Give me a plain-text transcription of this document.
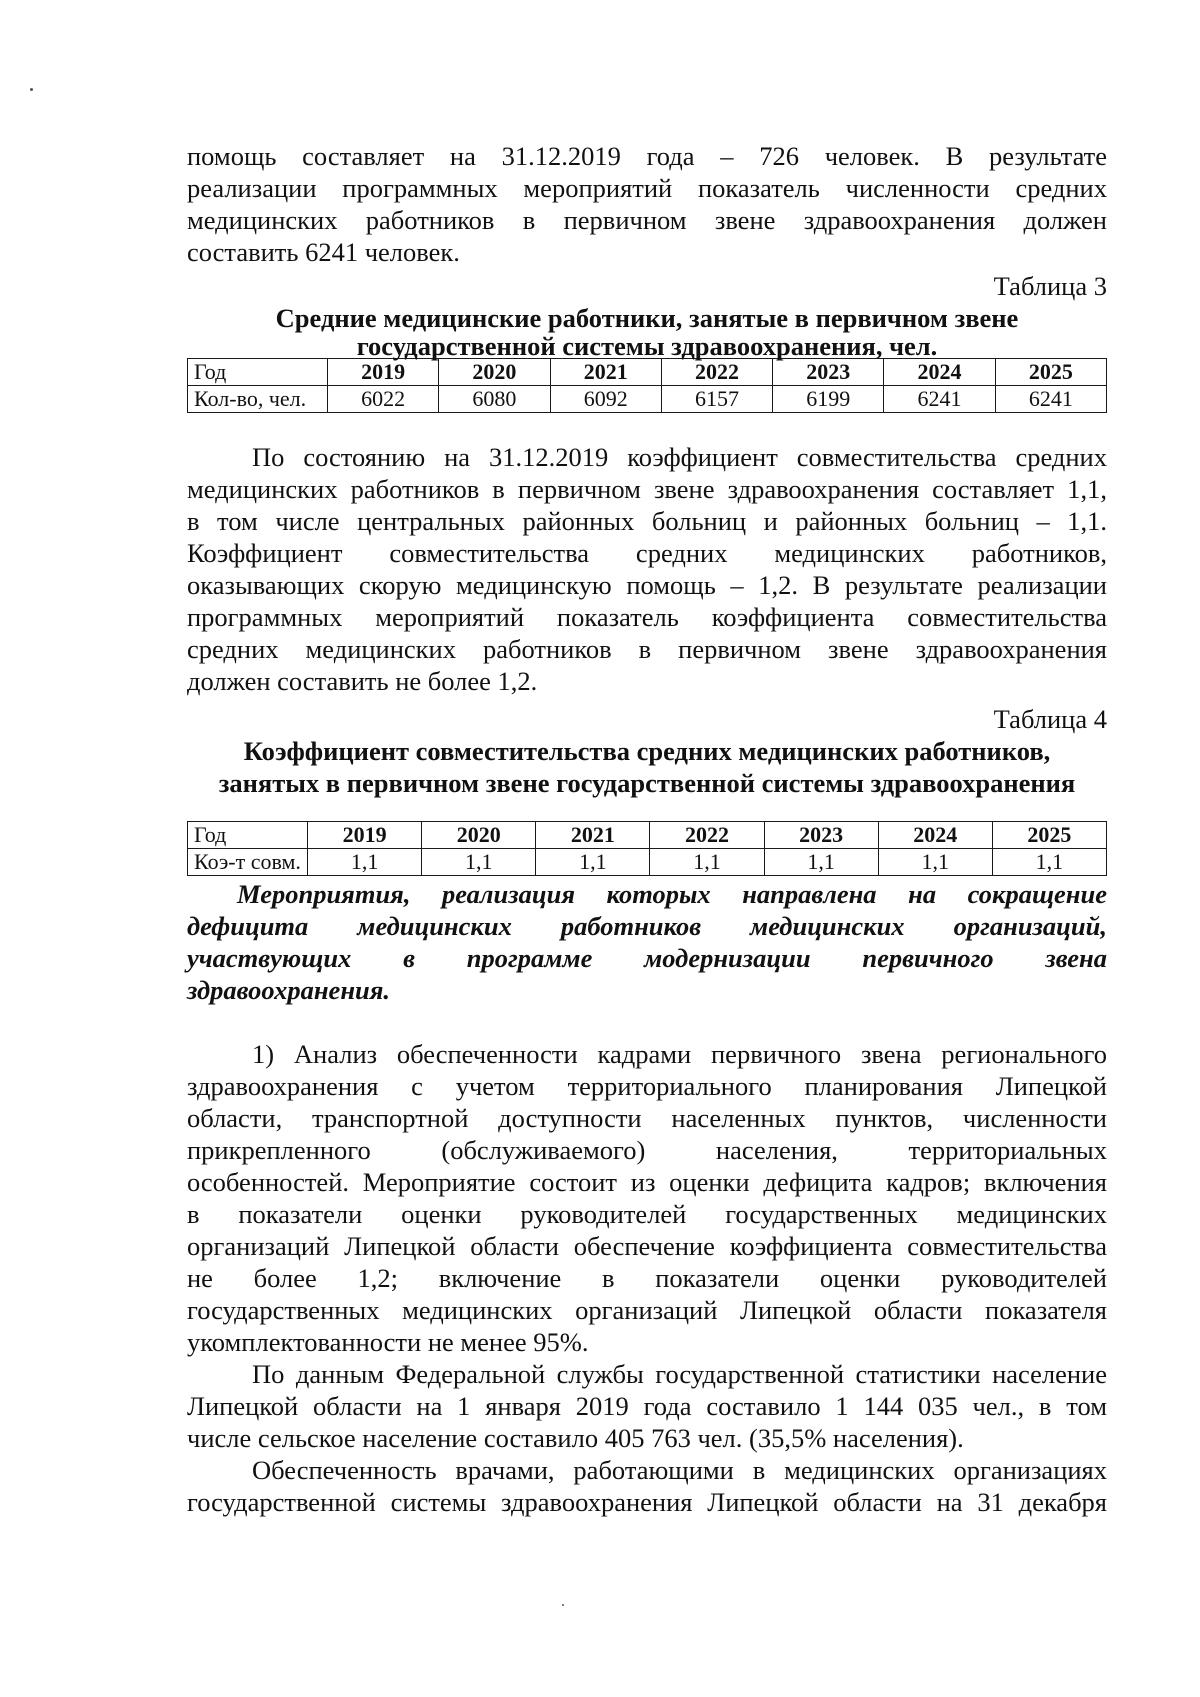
помощь составляет на 31.12.2019 года – 726 человек. В результате

реализации программных мероприятий показатель численности средних

медицинских работников в первичном звене здравоохранения должен

составить 6241 человек.

Таблица 3

Средние медицинские работники, занятые в первичном звене

государственной системы здравоохранения, чел.

Год	2019	2020	2021	2022	2023	2024	2025
Кол-во, чел.	6022	6080	6092	6157	6199	6241	6241

По состоянию на 31.12.2019 коэффициент совместительства средних

медицинских работников в первичном звене здравоохранения составляет 1,1,

в том числе центральных районных больниц и районных больниц – 1,1.

Коэффициент совместительства средних медицинских работников,

оказывающих скорую медицинскую помощь – 1,2. В результате реализации

программных мероприятий показатель коэффициента совместительства

средних медицинских работников в первичном звене здравоохранения

должен составить не более 1,2.

Таблица 4

Коэффициент совместительства средних медицинских работников,

занятых в первичном звене государственной системы здравоохранения

Год	2019	2020	2021	2022	2023	2024	2025
Коэ-т совм.	1,1	1,1	1,1	1,1	1,1	1,1	1,1

Мероприятия, реализация которых направлена на сокращение

дефицита медицинских работников медицинских организаций,

участвующих в программе модернизации первичного звена

здравоохранения.

1) Анализ обеспеченности кадрами первичного звена регионального

здравоохранения с учетом территориального планирования Липецкой

области, транспортной доступности населенных пунктов, численности

прикрепленного (обслуживаемого) населения, территориальных

особенностей. Мероприятие состоит из оценки дефицита кадров; включения

в показатели оценки руководителей государственных медицинских

организаций Липецкой области обеспечение коэффициента совместительства

не более 1,2; включение в показатели оценки руководителей

государственных медицинских организаций Липецкой области показателя

укомплектованности не менее 95%.

По данным Федеральной службы государственной статистики население

Липецкой области на 1 января 2019 года составило 1 144 035 чел., в том

числе сельское население составило 405 763 чел. (35,5% населения).

Обеспеченность врачами, работающими в медицинских организациях

государственной системы здравоохранения Липецкой области на 31 декабря
